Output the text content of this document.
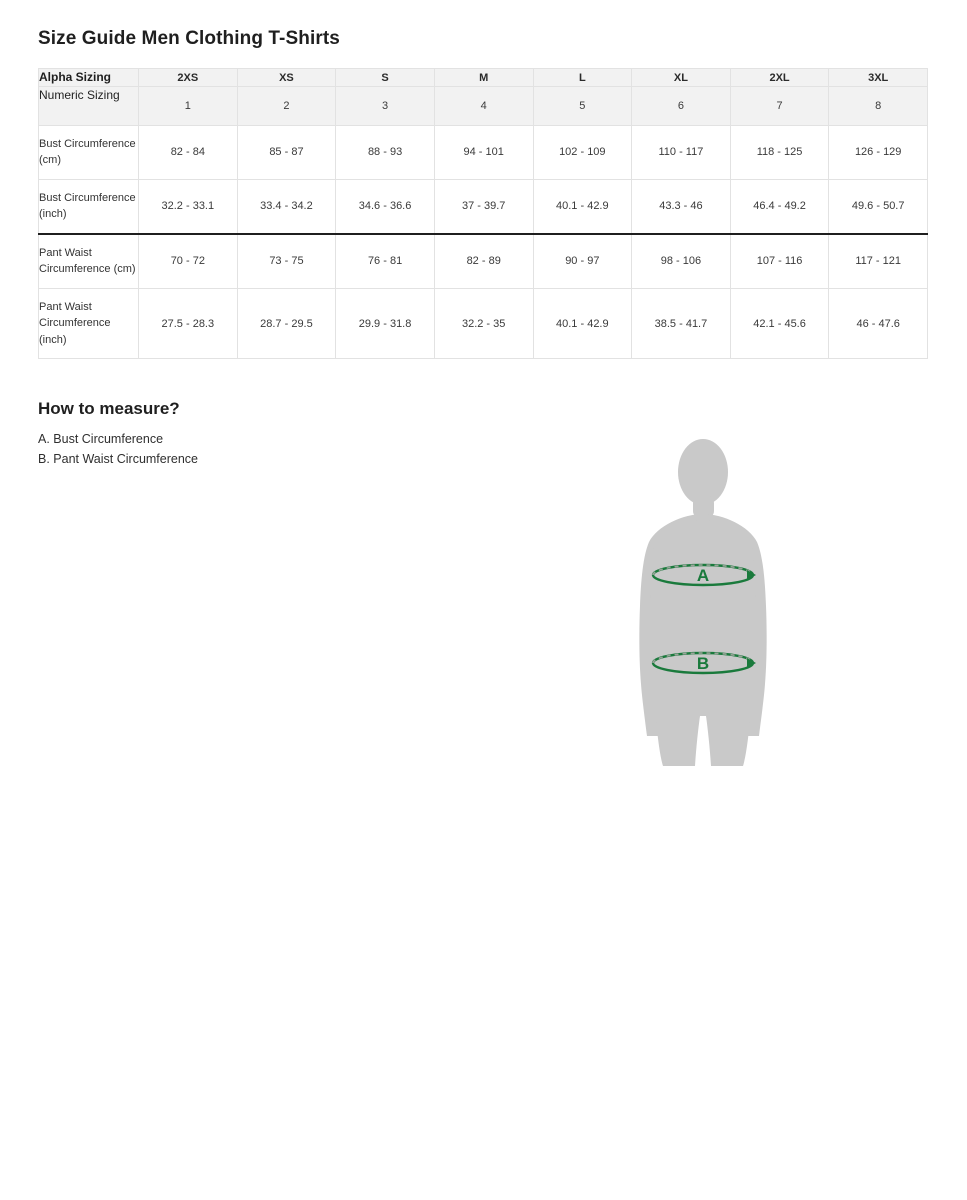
Size Guide Men Clothing T-Shirts
Alpha Sizing	2XS	XS	S	M	L	XL	2XL	3XL
Numeric Sizing	1	2	3	4	5	6	7	8
Bust Circumference (cm)	82 - 84	85 - 87	88 - 93	94 - 101	102 - 109	110 - 117	118 - 125	126 - 129
Bust Circumference (inch)	32.2 - 33.1	33.4 - 34.2	34.6 - 36.6	37 - 39.7	40.1 - 42.9	43.3 - 46	46.4 - 49.2	49.6 - 50.7
Pant Waist Circumference (cm)	70 - 72	73 - 75	76 - 81	82 - 89	90 - 97	98 - 106	107 - 116	117 - 121
Pant Waist Circumference (inch)	27.5 - 28.3	28.7 - 29.5	29.9 - 31.8	32.2 - 35	40.1 - 42.9	38.5 - 41.7	42.1 - 45.6	46 - 47.6
How to measure?
A. Bust Circumference
B. Pant Waist Circumference
A
B
